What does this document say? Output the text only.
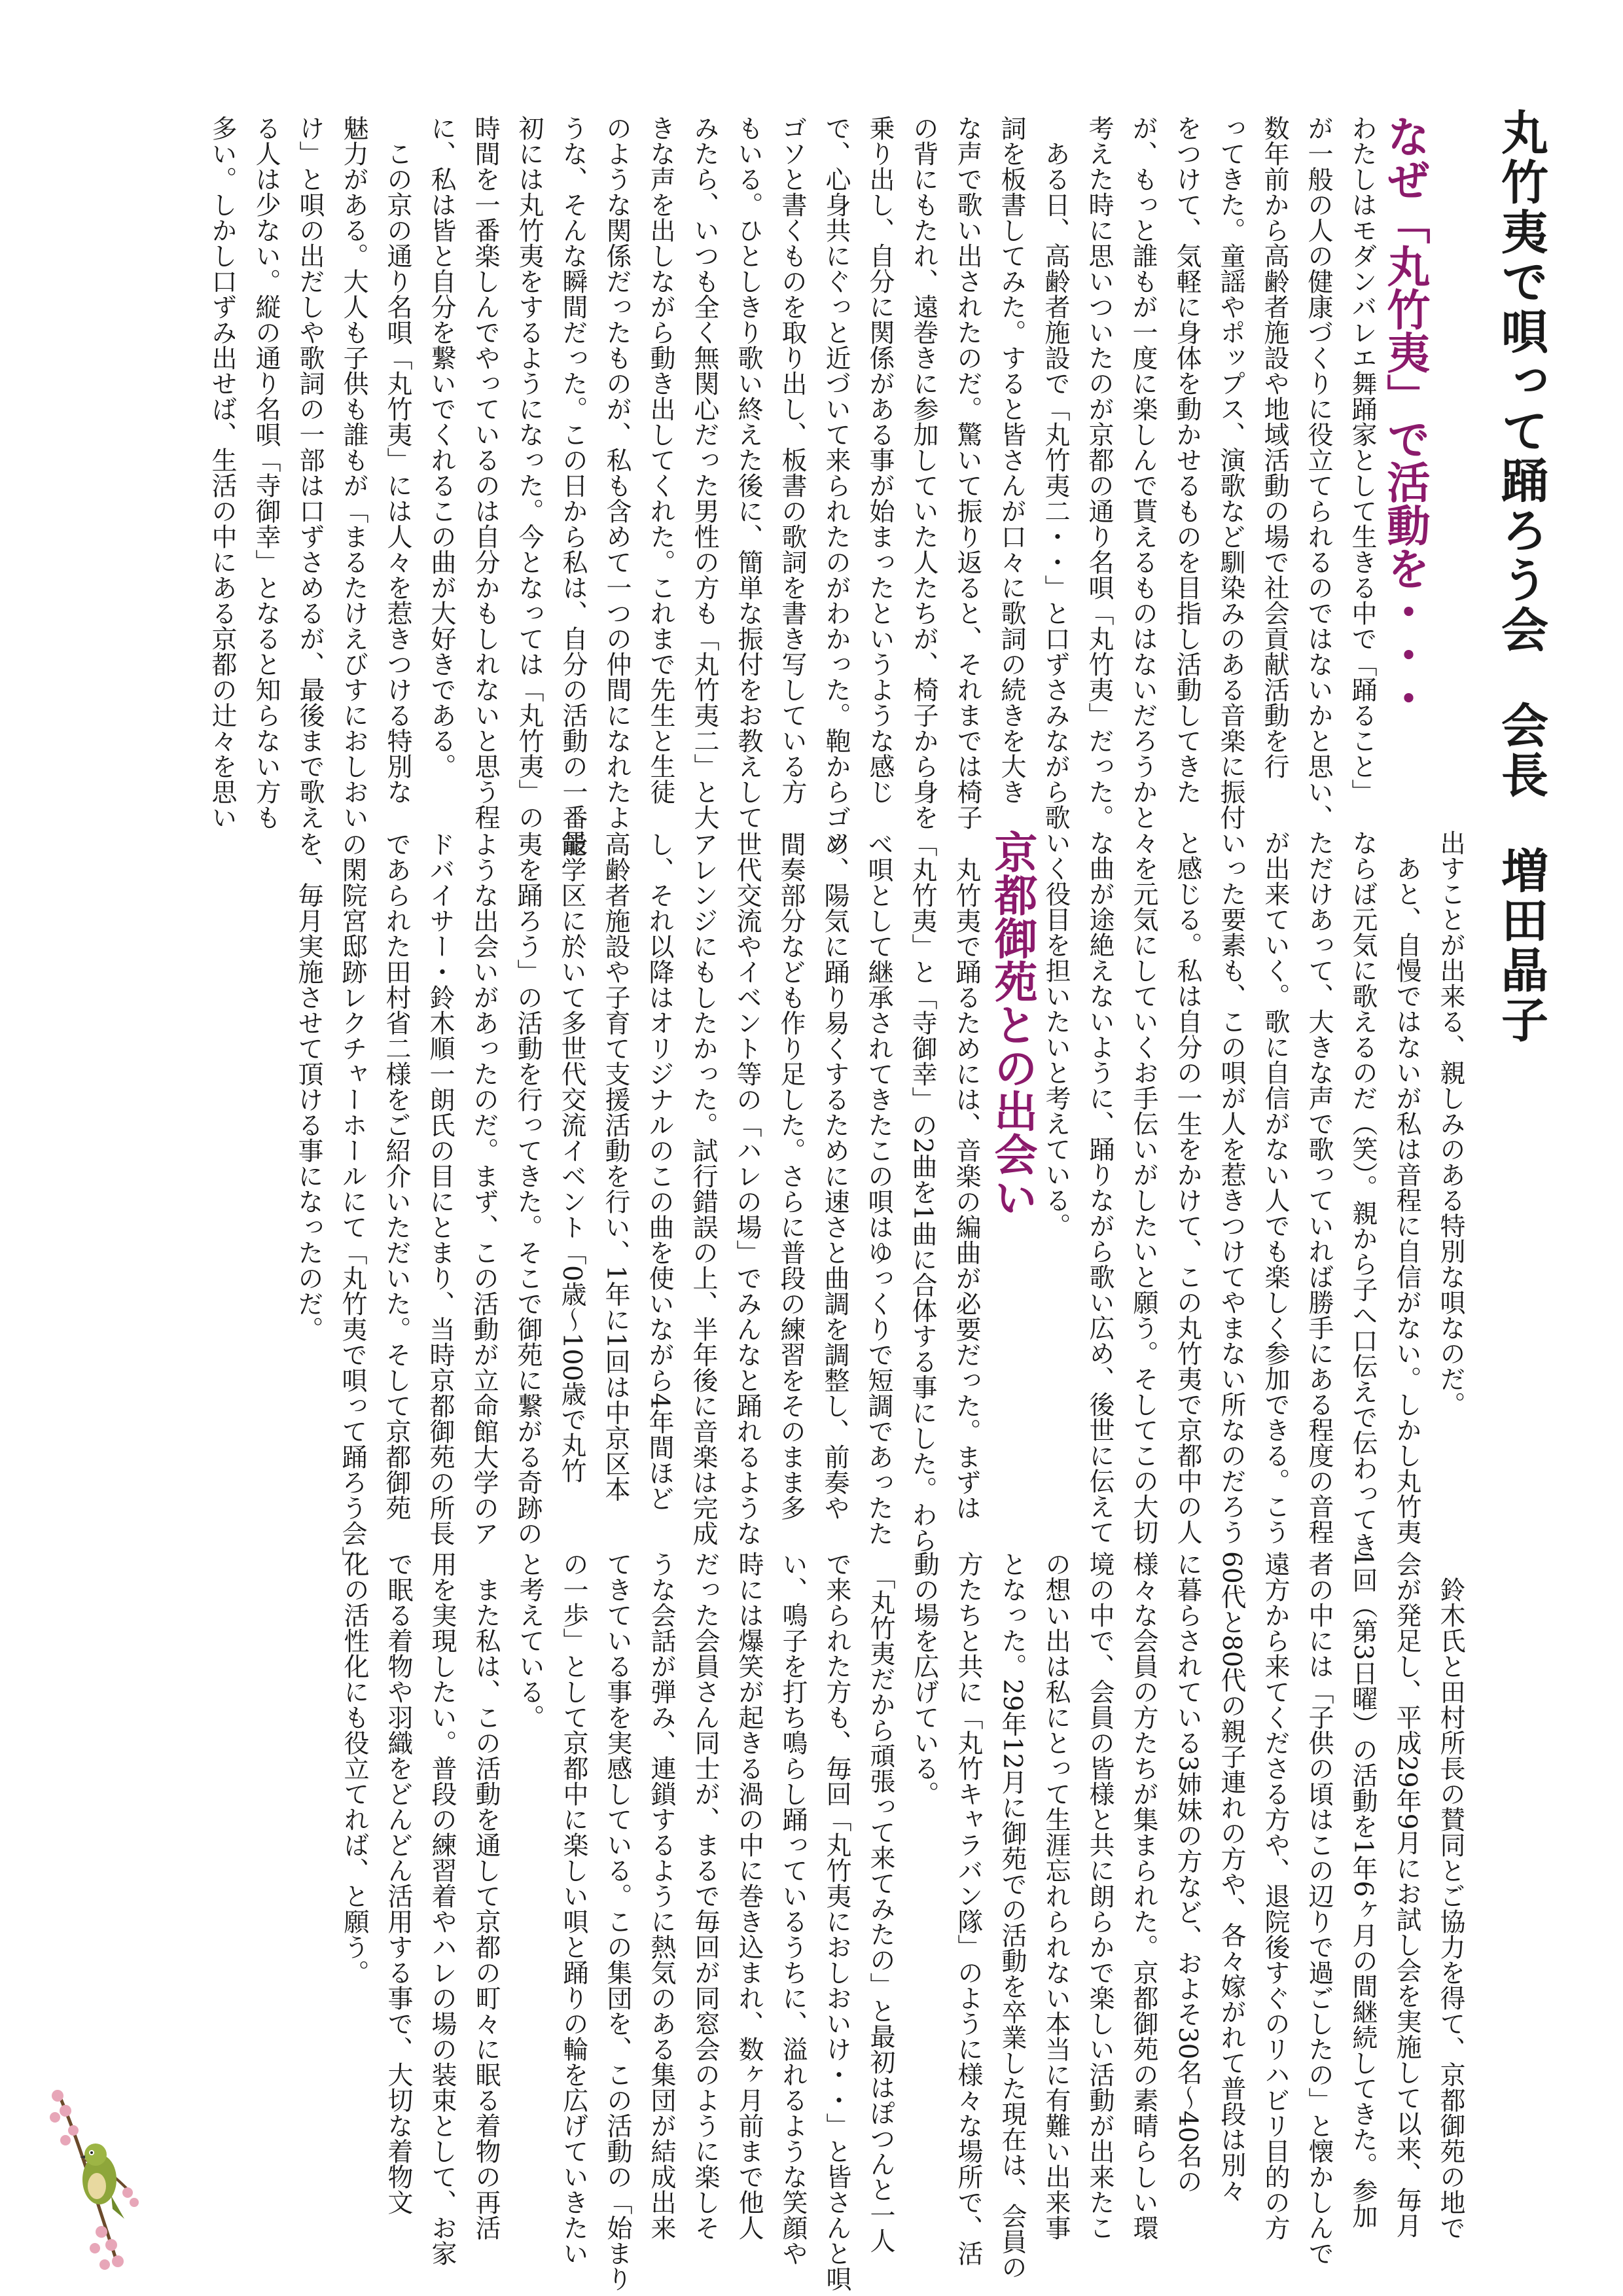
丸竹夷で唄って踊ろう会会長増田晶子
なぜ「丸竹夷」で活動を・・・
わたしはモダンバレエ舞踊家として生きる中で「踊ること」
が一般の人の健康づくりに役立てられるのではないかと思い、
数年前から高齢者施設や地域活動の場で社会貢献活動を行
ってきた。童謡やポップス、演歌など馴染みのある音楽に振付
をつけて、気軽に身体を動かせるものを目指し活動してきた
が、もっと誰もが一度に楽しんで貰えるものはないだろうかと
考えた時に思いついたのが京都の通り名唄「丸竹夷」だった。
　ある日、高齢者施設で「丸竹夷二・・」と口ずさみながら歌
詞を板書してみた。すると皆さんが口々に歌詞の続きを大き
な声で歌い出されたのだ。驚いて振り返ると、それまでは椅子
の背にもたれ、遠巻きに参加していた人たちが、椅子から身を
乗り出し、自分に関係がある事が始まったというような感じ
で、心身共にぐっと近づいて来られたのがわかった。鞄からゴソ
ゴソと書くものを取り出し、板書の歌詞を書き写している方
もいる。ひとしきり歌い終えた後に、簡単な振付をお教えして
みたら、いつも全く無関心だった男性の方も「丸竹夷二」と大
きな声を出しながら動き出してくれた。これまで先生と生徒
のような関係だったものが、私も含めて一つの仲間になれたよ
うな、そんな瞬間だった。この日から私は、自分の活動の一番最
初には丸竹夷をするようになった。今となっては「丸竹夷」の
時間を一番楽しんでやっているのは自分かもしれないと思う程
に、私は皆と自分を繋いでくれるこの曲が大好きである。
　この京の通り名唄「丸竹夷」には人々を惹きつける特別な
魅力がある。大人も子供も誰もが「まるたけえびすにおしおい
け」と唄の出だしや歌詞の一部は口ずさめるが、最後まで歌え
る人は少ない。縦の通り名唄「寺御幸」となると知らない方も
多い。しかし口ずみ出せば、生活の中にある京都の辻々を思い
出すことが出来る、親しみのある特別な唄なのだ。
　あと、自慢ではないが私は音程に自信がない。しかし丸竹夷
ならば元気に歌えるのだ（笑）。親から子へ口伝えで伝わってき
ただけあって、大きな声で歌っていれば勝手にある程度の音程
が出来ていく。歌に自信がない人でも楽しく参加できる。こう
いった要素も、この唄が人を惹きつけてやまない所なのだろう
と感じる。私は自分の一生をかけて、この丸竹夷で京都中の人
々を元気にしていくお手伝いがしたいと願う。そしてこの大切
な曲が途絶えないように、踊りながら歌い広め、後世に伝えて
いく役目を担いたいと考えている。
京都御苑との出会い
　丸竹夷で踊るためには、音楽の編曲が必要だった。まずは
「丸竹夷」と「寺御幸」の2曲を1曲に合体する事にした。わら
べ唄として継承されてきたこの唄はゆっくりで短調であったた
め、陽気に踊り易くするために速さと曲調を調整し、前奏や
間奏部分なども作り足した。さらに普段の練習をそのまま多
世代交流やイベント等の「ハレの場」でみんなと踊れるような
アレンジにもしたかった。試行錯誤の上、半年後に音楽は完成
し、それ以降はオリジナルのこの曲を使いながら4年間ほど
高齢者施設や子育て支援活動を行い、1年に1回は中京区本
能学区に於いて多世代交流イベント「0歳～100歳で丸竹
夷を踊ろう」の活動を行ってきた。そこで御苑に繋がる奇跡の
ような出会いがあったのだ。まず、この活動が立命館大学のア
ドバイサー・鈴木順一朗氏の目にとまり、当時京都御苑の所長
であられた田村省二様をご紹介いただいた。そして京都御苑
の閑院宮邸跡レクチャーホールにて「丸竹夷で唄って踊ろう会」
を、毎月実施させて頂ける事になったのだ。
　鈴木氏と田村所長の賛同とご協力を得て、京都御苑の地で
会が発足し、平成29年9月にお試し会を実施して以来、毎月
1回（第3日曜）の活動を1年6ヶ月の間継続してきた。参加
者の中には「子供の頃はこの辺りで過ごしたの」と懐かしんで
遠方から来てくださる方や、退院後すぐのリハビリ目的の方
60代と80代の親子連れの方や、各々嫁がれて普段は別々
に暮らされている3姉妹の方など、およそ30名～40名の
様々な会員の方たちが集まられた。京都御苑の素晴らしい環
境の中で、会員の皆様と共に朗らかで楽しい活動が出来たこ
の想い出は私にとって生涯忘れられない本当に有難い出来事
となった。29年12月に御苑での活動を卒業した現在は、会員の
方たちと共に「丸竹キャラバン隊」のように様々な場所で、活
動の場を広げている。
　「丸竹夷だから頑張って来てみたの」と最初はぽつんと一人
で来られた方も、毎回「丸竹夷におしおいけ・・」と皆さんと唄
い、鳴子を打ち鳴らし踊っているうちに、溢れるような笑顔や
時には爆笑が起きる渦の中に巻き込まれ、数ヶ月前まで他人
だった会員さん同士が、まるで毎回が同窓会のように楽しそ
うな会話が弾み、連鎖するように熱気のある集団が結成出来
てきている事を実感している。この集団を、この活動の「始まり
の一歩」として京都中に楽しい唄と踊りの輪を広げていきたい
と考えている。
　また私は、この活動を通して京都の町々に眠る着物の再活
用を実現したい。普段の練習着やハレの場の装束として、お家
で眠る着物や羽織をどんどん活用する事で、大切な着物文
化の活性化にも役立てれば、と願う。
